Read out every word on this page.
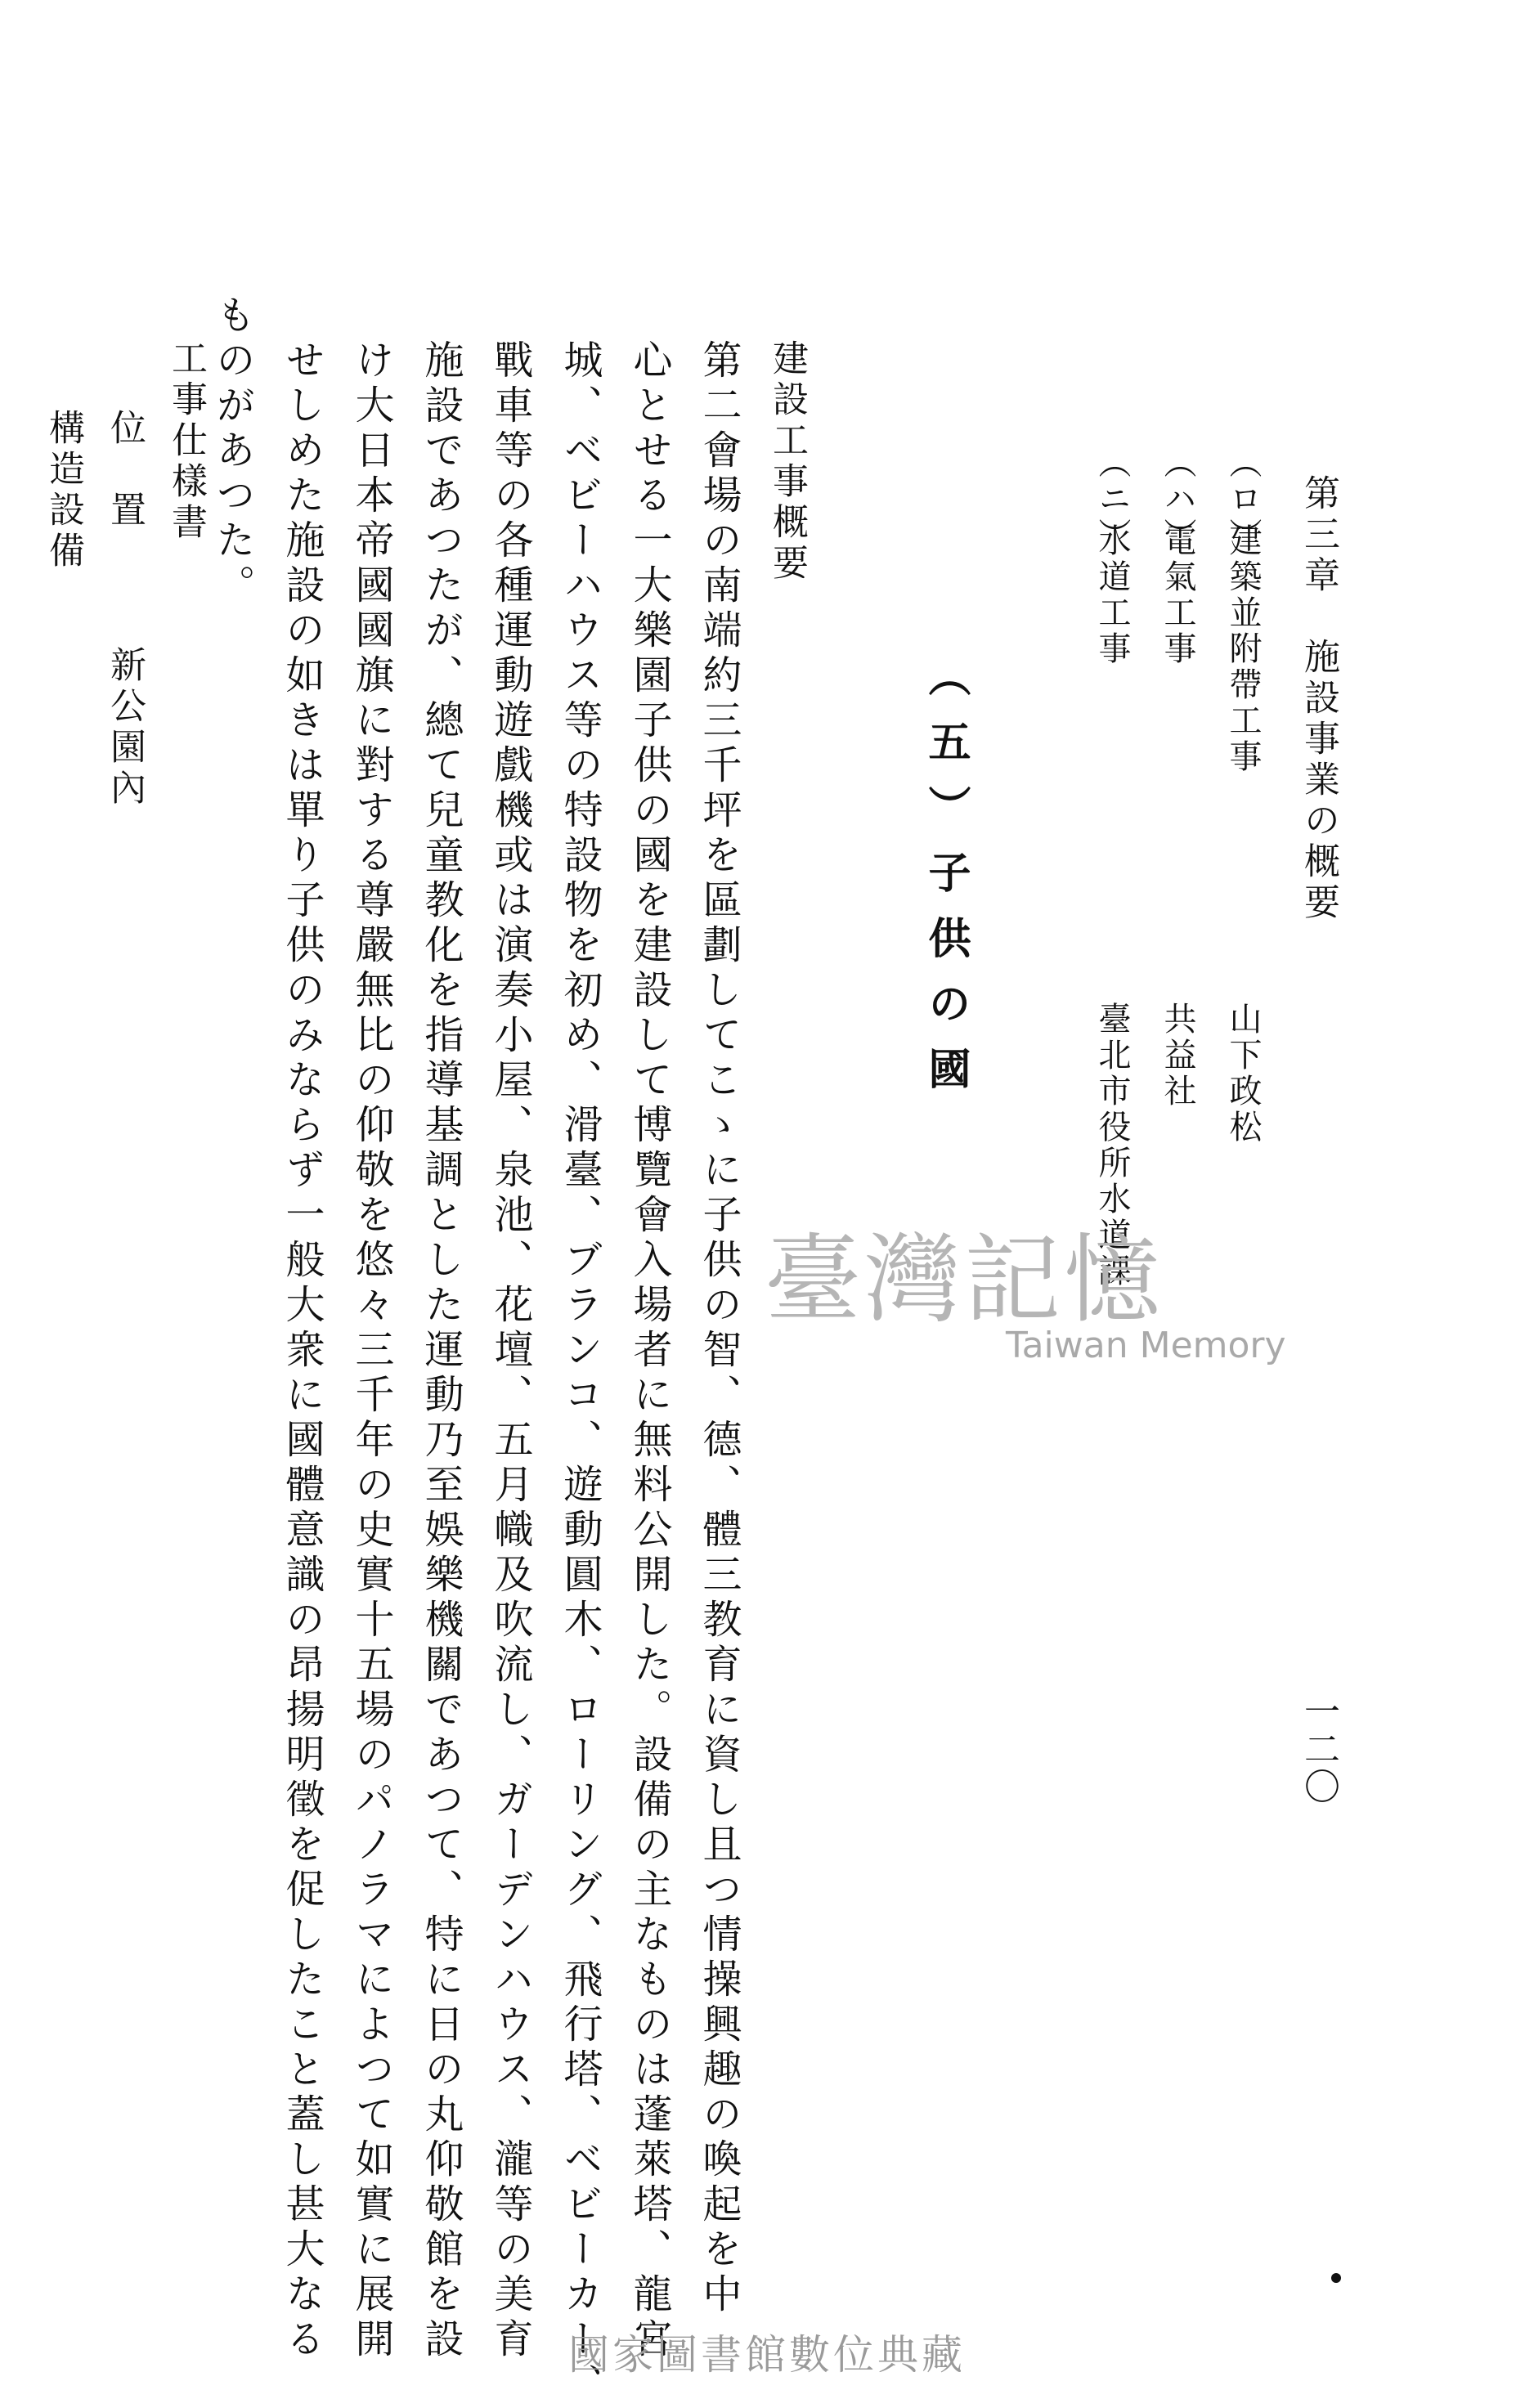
第三章　施設事業の概要
一二〇
（ロ）
建築並附帶工事
山下政松
（ハ）
電氣工事
共益社
（ニ）
水道工事
臺北市役所水道課
（五）子供の國
建設工事概要
第二會場の南端約三千坪を區劃してこゝに子供の智、德、體三教育に資し且つ情操興趣の喚起を中
心とせる一大樂園子供の國を建設して博覽會入場者に無料公開した。設備の主なものは蓬萊塔、龍宮
城、ベビーハウス等の特設物を初め、滑臺、ブランコ、遊動圓木、ローリング、飛行塔、ベビーカー、
戰車等の各種運動遊戲機或は演奏小屋、泉池、花壇、五月幟及吹流し、ガーデンハウス、瀧等の美育
施設であつたが、總て兒童教化を指導基調とした運動乃至娛樂機關であつて、特に日の丸仰敬館を設
け大日本帝國國旗に對する尊嚴無比の仰敬を悠々三千年の史實十五場のパノラマによつて如實に展開
せしめた施設の如きは單り子供のみならず一般大衆に國體意識の昂揚明徵を促したこと蓋し甚大なる
ものがあつた。
工事仕樣書
位　置
新公園內
構造設備
臺灣記憶
Taiwan Memory
國家圖書館數位典藏
